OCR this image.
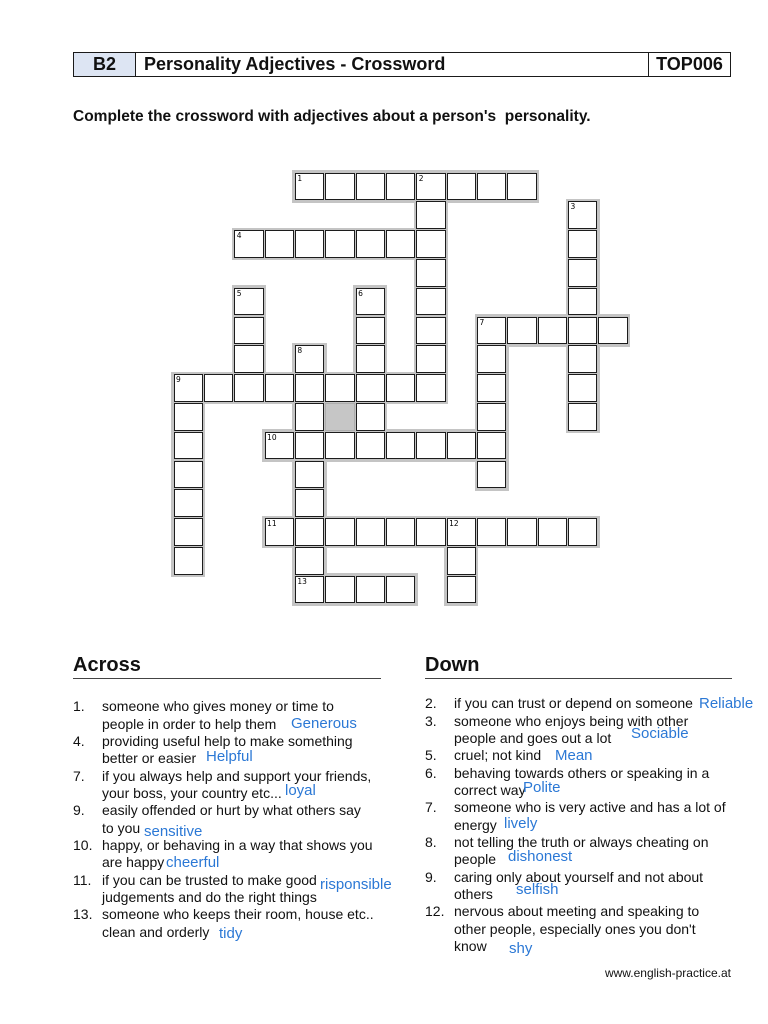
B2	Personality Adjectives - Crossword	TOP006
Complete the crossword with adjectives about a person's  personality.
1	2
3
4
5	6
7
8
13
9
10
11	12
Across	Down
1.	someone who gives money or time to
people in order to help them Generous
4.	providing useful help to make something
better or easier Helpful
7.	if you always help and support your friends,
your boss, your country etc... loyal
9.	easily offended or hurt by what others say
to you sensitive
10. happy, or behaving in a way that shows you
are happy cheerful
11. if you can be trusted to make good
judgements and do the right things
risponsible
13. someone who keeps their room, house etc..
clean and orderly tidy
2.	if you can trust or depend on someone Reliable
3.	someone who enjoys being with other
people and goes out a lot	Sociable
5.	cruel; not kind Mean
6.	behaving towards others or speaking in a
correct way
Polite
7.	someone who is very active and has a lot of
energy lively
8.	not telling the truth or always cheating on
people dishonest
9.	caring only about yourself and not about
others	selfish
12. nervous about meeting and speaking to
other people, especially ones you don't
know	shy
www.english-practice.at
